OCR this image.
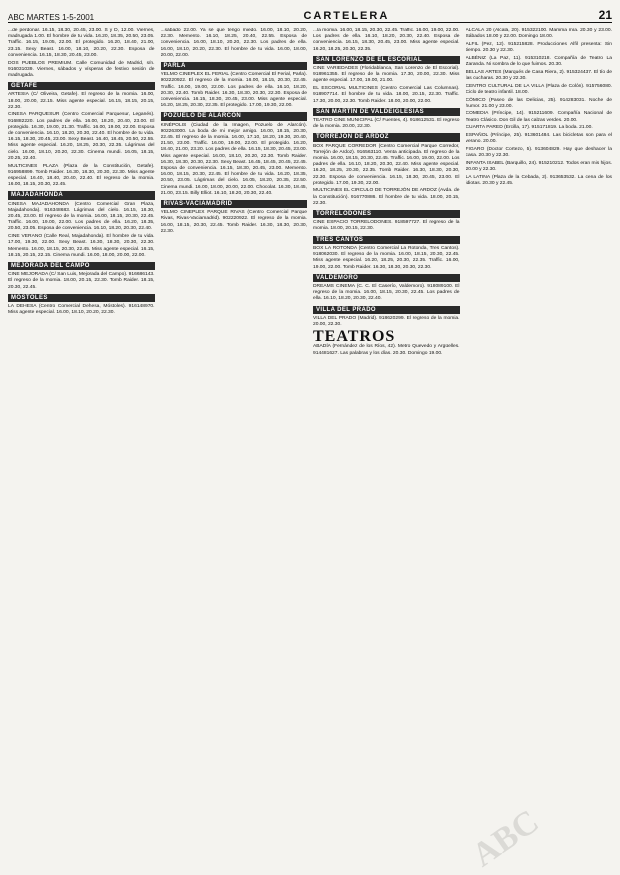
ABC MARTES 1-5-2001	CARTELERA	21

...de perdonar. 16.15, 18.30, 20.45, 23.00. S y D, 12.00. Viernes, madrugada 1.00. El hombre de tu vida. 16.20, 18.35, 20.50, 23.05. Traffic. 16.15, 19.05, 22.00. El protegido. 16.20, 18.40, 21.00, 23.15. Sexy Beast. 16.00, 18.10, 20.20, 22.30. Esposa de conveniencia. 16.15, 18.30, 20.45, 23.00.

DOS PUEBLOS PREMIUM. Calle Comunidad de Madrid, s/n. 916031039. Viernes, sábados y vísperas de festivo sesión de madrugada.

GETAFE

ARTESIA (C/ Oliveira, Getafe). El regreso de la momia. 16.00, 18.00, 20.00, 22.15. Miss agente especial. 16.15, 18.15, 20.15, 22.30.

CINESA PARQUESUR (Centro Comercial Parquesur, Leganés). 916882220. Los padres de ella. 16.00, 18.20, 20.40, 23.00. El protegido. 16.30, 19.00, 21.30. Traffic. 16.00, 19.00, 22.00. Esposa de conveniencia. 16.10, 18.20, 20.30, 22.40. El hombre de tu vida. 16.15, 18.30, 20.45, 23.00. Sexy Beast. 16.40, 18.45, 20.50, 22.55. Miss agente especial. 16.20, 18.25, 20.30, 22.35. Lágrimas del cielo. 16.00, 18.10, 20.20, 22.30. Cinema mundi. 16.05, 18.15, 20.25, 22.40.

MULTICINES PLAZA (Plaza de la Constitución, Getafe). 916958899. Tomb Raider. 16.30, 18.30, 20.30, 22.30. Miss agente especial. 16.40, 18.40, 20.40, 22.40. El regreso de la momia. 16.00, 18.15, 20.30, 22.45.

MAJADAHONDA

CINESA MAJADAHONDA (Centro Comercial Gran Plaza, Majadahonda). 916348683. Lágrimas del cielo. 16.15, 18.30, 20.45, 23.00. El regreso de la momia. 16.00, 18.15, 20.30, 22.45. Traffic. 16.00, 19.00, 22.00. Los padres de ella. 16.20, 18.35, 20.50, 23.05. Esposa de conveniencia. 16.10, 18.20, 20.30, 22.40.

CINE VERANO (Calle Real, Majadahonda). El hombre de tu vida. 17.00, 19.30, 22.00. Sexy Beast. 16.30, 18.30, 20.30, 22.30. Memento. 16.00, 18.15, 20.30, 22.45. Miss agente especial. 16.15, 18.15, 20.15, 22.15. Cinema mundi. 16.00, 18.00, 20.00, 22.00.

MEJORADA DEL CAMPO

CINE MEJORADA (C/ San Luis, Mejorada del Campo). 916686143. El regreso de la momia. 18.00, 20.15, 22.30. Tomb Raider. 18.15, 20.30, 22.45.

MÓSTOLES

LA DEHESA (Centro Comercial Dehesa, Móstoles). 916148970. Miss agente especial. 16.00, 18.10, 20.20, 22.30.

...sábado 22.00. Ya sé que tengo miedo. 16.00, 18.10, 20.20, 22.30. Memento. 16.10, 18.25, 20.40, 22.55. Esposa de conveniencia. 16.00, 18.10, 20.20, 22.30. Los padres de ella. 16.00, 18.10, 20.20, 22.30. El hombre de tu vida. 16.00, 18.00, 20.00, 22.00.

PARLA

YELMO CINEPLEX EL FERIAL (Centro Comercial El Ferial, Parla). 902220922. El regreso de la momia. 16.00, 18.15, 20.30, 22.45. Traffic. 16.00, 19.00, 22.00. Los padres de ella. 16.10, 18.20, 20.30, 22.40. Tomb Raider. 16.30, 18.30, 20.30, 22.30. Esposa de conveniencia. 16.15, 18.30, 20.45, 23.00. Miss agente especial. 16.20, 18.25, 20.30, 22.35. El protegido. 17.00, 19.30, 22.00.

POZUELO DE ALARCÓN

KINÉPOLIS (Ciudad de la Imagen, Pozuelo de Alarcón). 902263000. La boda de mi mejor amigo. 16.00, 18.15, 20.30, 22.45. El regreso de la momia. 16.00, 17.10, 18.20, 19.30, 20.40, 21.50, 23.00. Traffic. 16.00, 19.00, 22.00. El protegido. 16.20, 18.40, 21.00, 23.20. Los padres de ella. 16.15, 18.30, 20.45, 23.00. Miss agente especial. 16.00, 18.10, 20.20, 22.30. Tomb Raider. 16.30, 18.30, 20.30, 22.30. Sexy Beast. 16.45, 18.45, 20.45, 22.45. Esposa de conveniencia. 16.15, 18.30, 20.45, 23.00. Memento. 16.00, 18.15, 20.30, 22.45. El hombre de tu vida. 16.20, 18.35, 20.50, 23.05. Lágrimas del cielo. 16.05, 18.20, 20.35, 22.50. Cinema mundi. 16.00, 18.00, 20.00, 22.00. Chocolat. 16.30, 18.45, 21.00, 23.15. Billy Elliot. 16.10, 18.20, 20.30, 22.40.

RIVAS-VACIAMADRID

YELMO CINEPLEX PARQUE RIVAS (Centro Comercial Parque Rivas, Rivas-Vaciamadrid). 902220922. El regreso de la momia. 16.00, 18.15, 20.30, 22.45. Tomb Raider. 16.30, 18.30, 20.30, 22.30.

...la momia. 16.00, 18.15, 20.30, 22.45. Traffic. 16.00, 19.00, 22.00. Los padres de ella. 16.10, 18.20, 20.30, 22.40. Esposa de conveniencia. 16.15, 18.30, 20.45, 23.00. Miss agente especial. 16.20, 18.25, 20.30, 22.35.

SAN LORENZO DE EL ESCORIAL

CINE VARIEDADES (Floridablanca, San Lorenzo de El Escorial). 918961355. El regreso de la momia. 17.30, 20.00, 22.30. Miss agente especial. 17.00, 19.00, 21.00.

EL ESCORIAL MULTICINES (Centro Comercial Las Columnas). 918907714. El hombre de tu vida. 18.00, 20.15, 22.30. Traffic. 17.30, 20.00, 22.30. Tomb Raider. 18.00, 20.00, 22.00.

SAN MARTÍN DE VALDEIGLESIAS

TEATRO CINE MUNICIPAL (C/ Fuentes, 4). 918612531. El regreso de la momia. 20.00, 22.30.

TORREJÓN DE ARDOZ

BOX PARQUE CORREDOR (Centro Comercial Parque Corredor, Torrejón de Ardoz). 916563110. Venta anticipada. El regreso de la momia. 16.00, 18.15, 20.30, 22.45. Traffic. 16.00, 19.00, 22.00. Los padres de ella. 16.10, 18.20, 20.30, 22.40. Miss agente especial. 16.20, 18.25, 20.30, 22.35. Tomb Raider. 16.30, 18.30, 20.30, 22.30. Esposa de conveniencia. 16.15, 18.30, 20.45, 23.00. El protegido. 17.00, 19.30, 22.00.

MULTICINES EL CIRCULO DE TORREJÓN DE ARDOZ (Avda. de la Constitución). 916770886. El hombre de tu vida. 18.00, 20.15, 22.30.

TORRELODONES

CINE ESPACIO TORRELODONES. 918597727. El regreso de la momia. 18.00, 20.15, 22.30.

TRES CANTOS

BOX LA ROTONDA (Centro Comercial La Rotonda, Tres Cantos). 918062030. El regreso de la momia. 16.00, 18.15, 20.30, 22.45. Miss agente especial. 16.20, 18.25, 20.30, 22.35. Traffic. 16.00, 19.00, 22.00. Tomb Raider. 16.30, 18.30, 20.30, 22.30.

VALDEMORO

DREAMS CINEMA (C. C. El Caserío, Valdemoro). 918089100. El regreso de la momia. 16.00, 18.15, 20.30, 22.45. Los padres de ella. 16.10, 18.20, 20.30, 22.40.

VILLA DEL PRADO

VILLA DEL PRADO (Madrid). 918620299. El regreso de la momia. 20.00, 22.30.

TEATROS

ABADÍA (Fernández de los Ríos, 42). Metro Quevedo y Argüelles. 914481627. Las palabras y los días. 20.30. Domingo 19.00.

ALCALÁ 20 (Alcalá, 20). 915322100. Mamma mía. 20.30 y 23.00. Sábados 18.00 y 22.00. Domingo 18.00.

ALFIL (Pez, 12). 915215828. Producciones Alfil presenta: Sin tiempo. 20.30 y 22.30.

ALBÉNIZ (La Paz, 11). 915310218. Compañía de Teatro La Zaranda. Ni sombra de lo que fuimos. 20.30.

BELLAS ARTES (Marqués de Casa Riera, 2). 915324437. El tío de las cucharas. 20.30 y 22.30.

CENTRO CULTURAL DE LA VILLA (Plaza de Colón). 915756080. Ciclo de teatro infantil. 18.00.

CÓMICO (Paseo de las Delicias, 25). 914283031. Noche de humor. 21.00 y 23.00.

COMEDIA (Príncipe, 14). 915211609. Compañía Nacional de Teatro Clásico. Don Gil de las calzas verdes. 20.00.

CUARTA PARED (Ercilla, 17). 915171819. La boda. 21.00.

ESPAÑOL (Príncipe, 25). 913601484. Las bicicletas son para el verano. 20.00.

FIGARO (Doctor Cortezo, 5). 913604829. Hay que deshacer la casa. 20.30 y 22.30.

INFANTA ISABEL (Barquillo, 24). 915210212. Todos eran mis hijos. 20.00 y 22.30.

LA LATINA (Plaza de la Cebada, 2). 913653532. La cena de los idiotas. 20.30 y 22.45.

ABC
